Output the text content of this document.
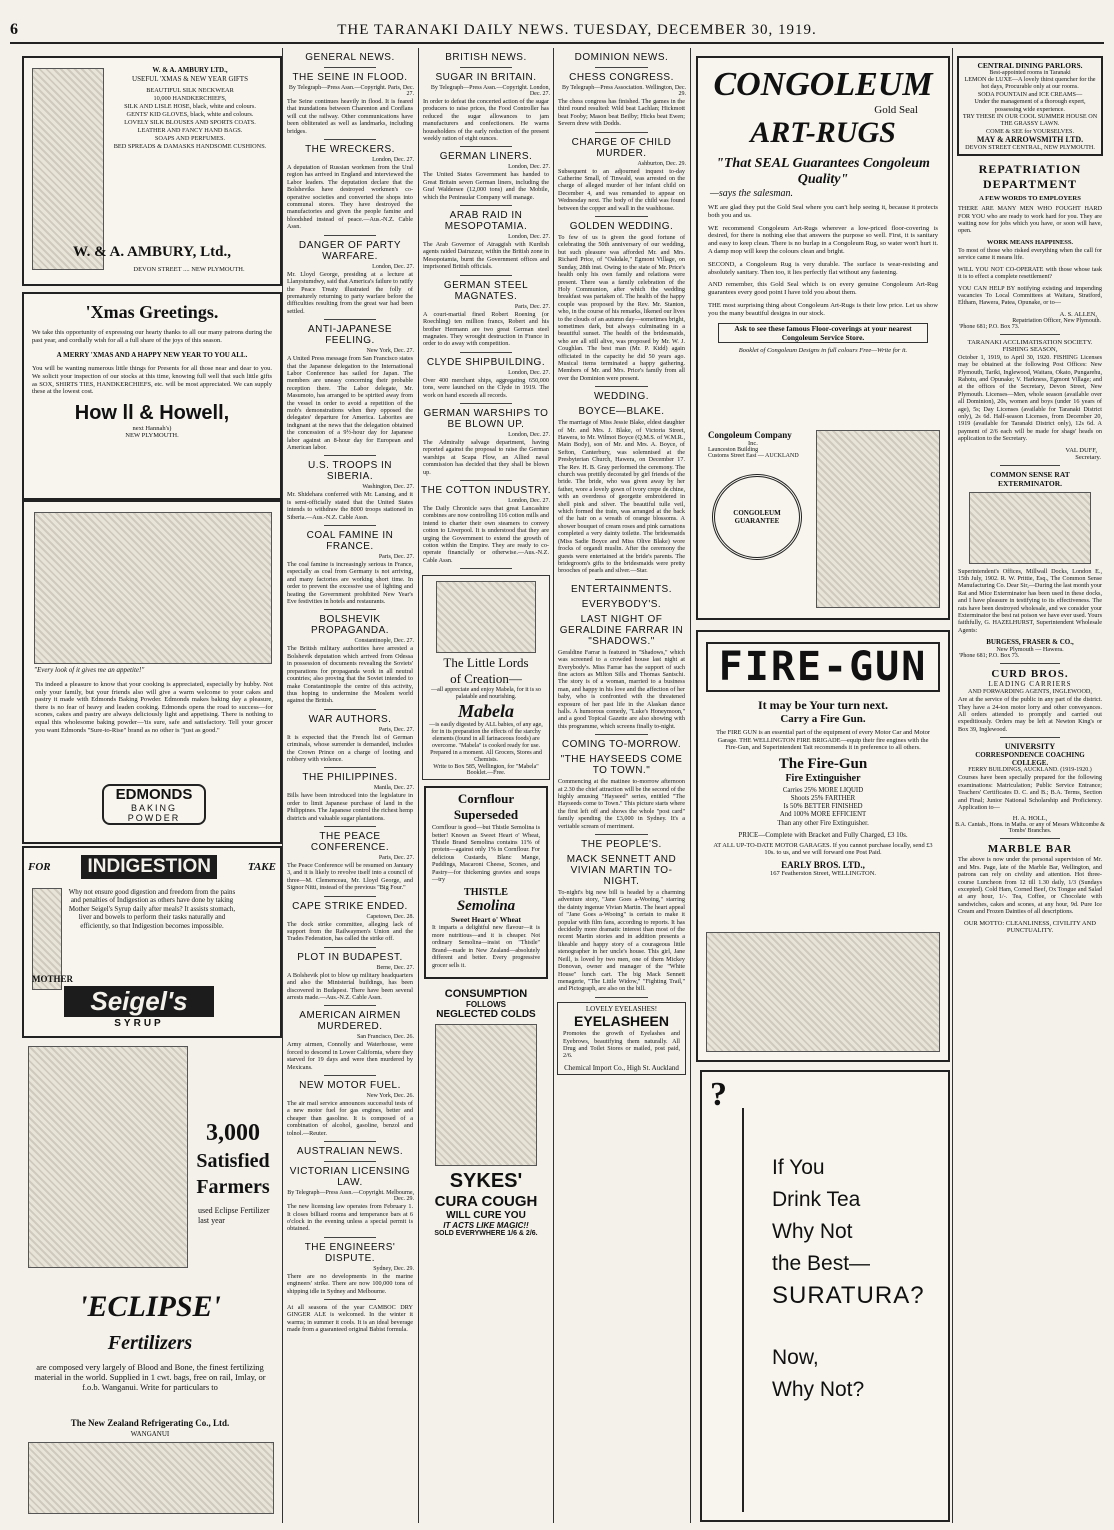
6	THE TARANAKI DAILY NEWS. TUESDAY, DECEMBER 30, 1919.
W. & A. AMBURY LTD.,
USEFUL 'XMAS & NEW YEAR GIFTS
BEAUTIFUL SILK NECKWEAR
10,000 HANDKERCHIEFS,
SILK AND LISLE HOSE, black, white and colours.
GENTS' KID GLOVES, black, white and colours.
LOVELY SILK BLOUSES AND SPORTS COATS.
LEATHER AND FANCY HAND BAGS.
SOAPS AND PERFUMES.
BED SPREADS & DAMASKS HANDSOME CUSHIONS.
W. & A. AMBURY, Ltd.,
DEVON STREET .... NEW PLYMOUTH.
'Xmas Greetings.
We take this opportunity of expressing our hearty thanks to all our many patrons during the past year, and cordially wish for all a full share of the joys of this season.
A MERRY 'XMAS AND A HAPPY NEW YEAR TO YOU ALL.
You will be wanting numerous little things for Presents for all those near and dear to you. We solicit your inspection of our stocks at this time, knowing full well that such little gifts as SOX, SHIRTS TIES, HANDKERCHIEFS, etc. will be most appreciated. We can supply these at the lowest cost.
How ll & Howell,
next Hannah's)
NEW PLYMOUTH.
"Every look of it gives me an appetite!"
Tis indeed a pleasure to know that your cooking is appreciated, especially by hubby. Not only your family, but your friends also will give a warm welcome to your cakes and pastry it made with Edmonds Baking Powder. Edmonds makes baking day a pleasure, there is no fear of heavy and leaden cooking. Edmonds opens the road to success—for scones, cakes and pastry are always deliciously light and appetising. There is nothing to equal this wholesome baking powder—'tis sure, safe and satisfactory. Tell your grocer you want Edmonds "Sure-to-Rise" brand as no other is "just as good."
EDMONDS
BAKING
POWDER
FOR	INDIGESTION	TAKE
Why not ensure good digestion and freedom from the pains and penalties of Indigestion as others have done by taking Mother Seigel's Syrup daily after meals? It assists stomach, liver and bowels to perform their tasks naturally and efficiently, so that Indigestion becomes impossible.
MOTHER
Seigel's
SYRUP
3,000
Satisfied
Farmers
used Eclipse Fertilizer last year
'ECLIPSE'
Fertilizers
are composed very largely of Blood and Bone, the finest fertilizing material in the world. Supplied in 1 cwt. bags, free on rail, Imlay, or f.o.b. Wanganui. Write for particulars to
The New Zealand Refrigerating Co., Ltd.
WANGANUI
GENERAL NEWS.
THE SEINE IN FLOOD.
By Telegraph—Press Assn.—Copyright. Paris, Dec. 27.
The Seine continues heavily in flood. It is feared that inundations between Charenton and Conflans will cut the railway. Other communications have been obliterated as well as landmarks, including bridges.
THE WRECKERS.
London, Dec. 27.
A deputation of Russian workmen from the Ural region has arrived in England and interviewed the Labor leaders. The deputation declare that the Bolsheviks have destroyed workmen's co-operative societies and converted the shops into communal stores. They have destroyed the manufactories and given the people famine and bloodshed instead of peace.—Aus.-N.Z. Cable Assn.
DANGER OF PARTY WARFARE.
London, Dec. 27.
Mr. Lloyd George, presiding at a lecture at Llanystumdwy, said that America's failure to ratify the Peace Treaty illustrated the folly of prematurely returning to party warfare before the difficulties resulting from the great war had been settled.
ANTI-JAPANESE FEELING.
New York, Dec. 27.
A United Press message from San Francisco states that the Japanese delegation to the International Labor Conference has sailed for Japan. The members are uneasy concerning their probable reception there. The Labor delegate, Mr. Masumoto, has arranged to be spirited away from the vessel in order to avoid a repetition of the mob's demonstrations when they opposed the delegates' departure for America. Laborites are indignant at the news that the delegation obtained the concession of a 9½-hour day for Japanese labor against an 8-hour day for European and American labor.
U.S. TROOPS IN SIBERIA.
Washington, Dec. 27.
Mr. Shidehara conferred with Mr. Lansing, and it is semi-officially stated that the United States intends to withdraw the 8000 troops stationed in Siberia.—Aus.-N.Z. Cable Assn.
COAL FAMINE IN FRANCE.
Paris, Dec. 27.
The coal famine is increasingly serious in France, especially as coal from Germany is not arriving, and many factories are working short time. In order to prevent the excessive use of lighting and heating the Government prohibited New Year's Eve festivities in hotels and restaurants.
BOLSHEVIK PROPAGANDA.
Constantinople, Dec. 27.
The British military authorities have arrested a Bolshevik deputation which arrived from Odessa in possession of documents revealing the Soviets' preparations for propaganda work in all neutral countries; also proving that the Soviet intended to make Constantinople the centre of this activity, thus hoping to undermine the Moslem world against the British.
WAR AUTHORS.
Paris, Dec. 27.
It is expected that the French list of German criminals, whose surrender is demanded, includes the Crown Prince on a charge of looting and robbery with violence.
THE PHILIPPINES.
Manila, Dec. 27.
Bills have been introduced into the legislature in order to limit Japanese purchase of land in the Philippines. The Japanese control the richest hemp districts and valuable sugar plantations.
THE PEACE CONFERENCE.
Paris, Dec. 27.
The Peace Conference will be resumed on January 3, and it is likely to revolve itself into a council of three—M. Clemenceau, Mr. Lloyd George, and Signor Nitti, instead of the previous "Big Four."
CAPE STRIKE ENDED.
Capetown, Dec. 28.
The dock strike committee, alleging lack of support from the Railwaymen's Union and the Trades Federation, has called the strike off.
PLOT IN BUDAPEST.
Berne, Dec. 27.
A Bolshevik plot to blow up military headquarters and also the Ministerial buildings, has been discovered in Budapest. There have been several arrests made.—Aus.-N.Z. Cable Assn.
AMERICAN AIRMEN MURDERED.
San Francisco, Dec. 26.
Army airmen, Connolly and Waterhouse, were forced to descend in Lower California, where they starved for 19 days and were then murdered by Mexicans.
NEW MOTOR FUEL.
New York, Dec. 26.
The air mail service announces successful tests of a new motor fuel for gas engines, better and cheaper than gasoline. It is composed of a combination of alcohol, gasoline, benzol and tolnol.—Reuter.
AUSTRALIAN NEWS.
VICTORIAN LICENSING LAW.
By Telegraph—Press Assn.—Copyright. Melbourne, Dec. 29.
The new licensing law operates from February 1. It closes billiard rooms and temperance bars at 6 o'clock in the evening unless a special permit is obtained.
THE ENGINEERS' DISPUTE.
Sydney, Dec. 29.
There are no developments in the marine engineers' strike. There are now 100,000 tons of shipping idle in Sydney and Melbourne.
At all seasons of the year CAMBOC DRY GINGER ALE is welcomed. In the winter it warms; in summer it cools. It is an ideal beverage made from a guaranteed original Babist formula.
BRITISH NEWS.
SUGAR IN BRITAIN.
By Telegraph—Press Assn.—Copyright. London, Dec. 27.
In order to defeat the concerted action of the sugar producers to raise prices, the Food Controller has reduced the sugar allowances to jam manufacturers and confectioners. He warns householders of the early reduction of the present weekly ration of eight ounces.
GERMAN LINERS.
London, Dec. 27.
The United States Government has handed to Great Britain seven German liners, including the Graf Waldersee (12,000 tons) and the Mobile, which the Peninsular Company will manage.
ARAB RAID IN MESOPOTAMIA.
London, Dec. 27.
The Arab Governor of Atraggish with Kurdish agents raided Dairuzzur, within the British zone in Mesopotamia, burnt the Government offices and imprisoned British officials.
GERMAN STEEL MAGNATES.
Paris, Dec. 27.
A court-martial fined Robert Roening (or Roechling) ten million francs, Robert and his brother Hermann are two great German steel magnates. They wrought destruction in France in order to do away with competition.
CLYDE SHIPBUILDING.
London, Dec. 27.
Over 400 merchant ships, aggregating 650,000 tons, were launched on the Clyde in 1919. The work on hand exceeds all records.
GERMAN WARSHIPS TO BE BLOWN UP.
London, Dec. 27.
The Admiralty salvage department, having reported against the proposal to raise the German warships at Scapa Flow, an Allied naval commission has decided that they shall be blown up.
THE COTTON INDUSTRY.
London, Dec. 27.
The Daily Chronicle says that great Lancashire combines are now controlling 116 cotton mills and intend to charter their own steamers to convey cotton to Liverpool. It is understood that they are urging the Government to extend the growth of cotton within the Empire. They are ready to co-operate financially or otherwise.—Aus.-N.Z. Cable Assn.
The Little Lords
of Creation—
—all appreciate and enjoy Mabela, for it is so palatable and nourishing.
Mabela
—is easily digested by ALL babies, of any age, for in its preparation the effects of the starchy elements (found in all farinaceous foods) are overcome. "Mabela" is cooked ready for use. Prepared in a moment. All Grocers, Stores and Chemists.
Write to Box 585, Wellington, for "Mabela" Booklet.—Free.
Cornflour
Superseded
Cornflour is good—but Thistle Semolina is better! Known as Sweet Heart o' Wheat, Thistle Brand Semolina contains 11% of protein—against only 1% in Cornflour. For delicious Custards, Blanc Mange, Puddings, Macaroni Cheese, Scones, and Pastry—for thickening gravies and soups—try
THISTLE
Semolina
Sweet Heart o' Wheat
It imparts a delightful new flavour—it is more nutritious—and it is cheaper. Not ordinary Semolina—insist on "Thistle" Brand—made in New Zealand—absolutely different and better. Every progressive grocer sells it.
CONSUMPTION
FOLLOWS
NEGLECTED COLDS
SYKES'
CURA COUGH
WILL CURE YOU
IT ACTS LIKE MAGIC!!
SOLD EVERYWHERE 1/6 & 2/6.
DOMINION NEWS.
CHESS CONGRESS.
By Telegraph—Press Association. Wellington, Dec. 29.
The chess congress has finished. The games in the third round resulted: Wild beat Lachlan; Hickmott beat Fooby; Mason beat Beilby; Hicks beat Ewen; Severn drew with Dodds.
CHARGE OF CHILD MURDER.
Ashburton, Dec. 29.
Subsequent to an adjourned inquest to-day Catherine Small, of Tinwald, was arrested on the charge of alleged murder of her infant child on December 4, and was remanded to appear on Wednesday next. The body of the child was found between the copper and wall in the washhouse.
GOLDEN WEDDING.
To few of us is given the good fortune of celebrating the 50th anniversary of our wedding, but such pleasure was afforded Mr. and Mrs. Richard Price, of "Oakdale," Egmont Village, on Sunday, 28th inst. Owing to the state of Mr. Price's health only his own family and relations were present. There was a family celebration of the Holy Communion, after which the wedding breakfast was partaken of. The health of the happy couple was proposed by the Rev. Mr. Stanton, who, in the course of his remarks, likened our lives to the clouds of an autumn day—sometimes bright, sometimes dark, but always culminating in a beautiful sunset. The health of the bridesmaids, who are all still alive, was proposed by Mr. W. J. Coughlan. The best man (Mr. P. Kidd) again officiated in the capacity he did 50 years ago. Musical items terminated a happy gathering. Members of Mr. and Mrs. Price's family from all over the Dominion were present.
WEDDING.
BOYCE—BLAKE.
The marriage of Miss Jessie Blake, eldest daughter of Mr. and Mrs. J. Blake, of Victoria Street, Hawera, to Mr. Wilmot Boyce (Q.M.S. of W.M.R., Main Body), son of Mr. and Mrs. A. Boyce, of Sefton, Canterbury, was solemnised at the Presbyterian Church, Hawera, on December 17. The Rev. H. B. Gray performed the ceremony. The church was prettily decorated by girl friends of the bride. The bride, who was given away by her father, wore a lovely gown of ivory crepe de chine, with an overdress of georgette embroidered in shell pink and silver. The beautiful tulle veil, which formed the train, was arranged at the back of the hair on a wreath of orange blossoms. A shower bouquet of cream roses and pink carnations completed a very dainty toilette. The bridesmaids (Miss Sadie Boyce and Miss Olive Blake) wore frocks of organdi muslin. After the ceremony the guests were entertained at the bride's parents. The bridegroom's gifts to the bridesmaids were pretty brooches of pearls and silver.—Star.
ENTERTAINMENTS.
EVERYBODY'S.
LAST NIGHT OF GERALDINE FARRAR IN "SHADOWS."
Geraldine Farrar is featured in "Shadows," which was screened to a crowded house last night at Everybody's. Miss Farrar has the support of such fine actors as Milton Sills and Thomas Santschi. The story is of a woman, married to a business man, and happy in his love and the affection of her baby, who is confronted with the threatened exposure of her past life in the Alaskan dance halls. A humorous comedy, "Luke's Honeymoon," and a good Topical Gazette are also showing with this programme, which screens finally to-night.
COMING TO-MORROW.
"THE HAYSEEDS COME TO TOWN."
Commencing at the matinee to-morrow afternoon at 2.30 the chief attraction will be the second of the highly amusing "Hayseed" series, entitled "The Hayseeds come to Town." This picture starts where the first left off and shows the whole "post card" family spending the £3,000 in Sydney. It's a veritable scream of merriment.
THE PEOPLE'S.
MACK SENNETT AND VIVIAN MARTIN TO-NIGHT.
To-night's big new bill is headed by a charming adventure story, "Jane Goes a-Wooing," starring the dainty ingenue Vivian Martin. The heart appeal of "Jane Goes a-Wooing" is certain to make it popular with film fans, according to reports. It has decidedly more dramatic interest than most of the recent Martin stories and in addition presents a likeable and happy story of a courageous little stenographer in her uncle's house. This girl, Jane Neill, is loved by two men, one of them Mickey Donovan, owner and manager of the "White House" lunch cart. The big Mack Sennett menagerie, "The Little Widow," "Fighting Trail," and Pictograph, are also on the bill.
LOVELY EYELASHES!
EYELASHEEN
Promotes the growth of Eyelashes and Eyebrows, beautifying them naturally. All Drug and Toilet Stores or mailed, post paid, 2/6.
Chemical Import Co., High St. Auckland
CONGOLEUM
Gold Seal
ART-RUGS
"That SEAL Guarantees Congoleum Quality"
—says the salesman.
WE are glad they put the Gold Seal where you can't help seeing it, because it protects both you and us.
WE recommend Congoleum Art-Rugs wherever a low-priced floor-covering is desired, for there is nothing else that answers the purpose so well. First, it is sanitary and easy to keep clean. There is no burlap in a Congoleum Rug, so water won't hurt it. A damp mop will keep the colours clean and bright.
SECOND, a Congoleum Rug is very durable. The surface is wear-resisting and absolutely sanitary. Then too, it lies perfectly flat without any fastening.
AND remember, this Gold Seal which is on every genuine Congoleum Art-Rug guarantees every good point I have told you about them.
THE most surprising thing about Congoleum Art-Rugs is their low price. Let us show you the many beautiful designs in our stock.
Ask to see these famous Floor-coverings at your nearest Congoleum Service Store.
Booklet of Congoleum Designs in full colours Free—Write for it.
Congoleum Company
Inc.
Launceston Building
Customs Street East — AUCKLAND
CONGOLEUM GUARANTEE
FIRE-GUN
It may be Your turn next.
Carry a Fire Gun.
The FIRE GUN is an essential part of the equipment of every Motor Car and Motor Garage. THE WELLINGTON FIRE BRIGADE—equip their fire engines with the Fire-Gun, and Superintendent Tait recommends it in preference to all others.
The Fire-Gun
Fire Extinguisher
Carries 25% MORE LIQUID
Shoots 25% FARTHER
Is 50% BETTER FINISHED
And 100% MORE EFFICIENT
Than any other Fire Extinguisher.
PRICE—Complete with Bracket and Fully Charged, £3 10s.
AT ALL UP-TO-DATE MOTOR GARAGES. If you cannot purchase locally, send £3 10s. to us, and we will forward one Post Paid.
EARLY BROS. LTD.,
167 Featherston Street, WELLINGTON.
?
If You
Drink Tea
Why Not
the Best—
SURATURA?
Now,
Why Not?
CENTRAL DINING PARLORS.
Best-appointed rooms in Taranaki
LEMON de LUXE—A lovely thirst quencher for the hot days, Procurable only at our rooms.
SODA FOUNTAIN and ICE CREAMS—
Under the management of a thorough expert, possessing wide experience.
TRY THESE IN OUR COOL SUMMER HOUSE ON THE GRASSY LAWN.
COME & SEE for YOURSELVES.
MAY & ARROWSMITH LTD.
DEVON STREET CENTRAL, NEW PLYMOUTH.
REPATRIATION
DEPARTMENT
A FEW WORDS TO EMPLOYERS
THERE ARE MANY MEN WHO FOUGHT HARD FOR YOU who are ready to work hard for you. They are waiting now for jobs which you have, or soon will have, open.
WORK MEANS HAPPINESS.
To most of those who risked everything when the call for service came it means life.
WILL YOU NOT CO-OPERATE with those whose task it is to effect a complete resettlement?
YOU CAN HELP BY notifying existing and impending vacancies To Local Committees at Waitara, Stratford, Eltham, Hawera, Patea, Opunake, or to—
A. S. ALLEN,
Repatriation Officer, New Plymouth.
'Phone 681; P.O. Box 73.
TARANAKI ACCLIMATISATION SOCIETY.
FISHING SEASON,
October 1, 1919, to April 30, 1920. FISHING Licenses may be obtained at the following Post Offices: New Plymouth, Tariki, Inglewood, Waitara, Okato, Pungarehu, Rahotu, and Opunake; V. Harkness, Egmont Village; and at the offices of the Secretary, Devon Street, New Plymouth. Licenses—Men, whole season (available over all Dominion), 20s, women and boys (under 16 years of age), 5s; Day Licenses (available for Taranaki District only), 2s 6d. Half-season Licenses, from December 20, 1919 (available for Taranaki District only), 12s 6d. A payment of 2/6 each will be made for shags' heads on application to the Secretary.
VAL DUFF,
Secretary.
COMMON SENSE RAT
EXTERMINATOR.
Superintendent's Offices, Millwall Docks, London E., 15th July, 1902. R. W. Prittie, Esq., The Common Sense Manufacturing Co. Dear Sir,—During the last month your Rat and Mice Exterminator has been used in these docks, and I have pleasure in testifying to its effectiveness. The rats have been destroyed wholesale, and we consider your Exterminator the best rat poison we have ever used. Yours faithfully, G. HAZELHURST, Superintendent Wholesale Agents:
BURGESS, FRASER & CO.,
New Plymouth — Hawera.
'Phone 681; P.O. Box 73.
CURD BROS.
LEADING CARRIERS
AND FORWARDING AGENTS, INGLEWOOD,
Are at the service of the public in any part of the district. They have a 24-ton motor lorry and other conveyances. All orders attended to promptly and carried out expeditiously. Orders may be left at Newton King's or Box 39, Inglewood.
UNIVERSITY
CORRESPONDENCE COACHING
COLLEGE.
FERRY BUILDINGS, AUCKLAND. (1919-1920.)
Courses have been specially prepared for the following examinations: Matriculation; Public Service Entrance; Teachers' Certificates D. C. and B.; B.A. Terms, Section and Final; Junior National Scholarship and Proficiency. Application to—
H. A. HOLL,
B.A. Cantab., Hons. in Maths. or any of Messrs Whitcombe & Tombs' Branches.
MARBLE BAR
The above is now under the personal supervision of Mr. and Mrs. Page, late of the Marble Bar, Wellington, and patrons can rely on civility and attention. Hot three-course Luncheon from 12 till 1.30 daily, 1/3 (Sundays excepted). Cold Ham, Corned Beef, Ox Tongue and Salad at any hour, 1/-. Tea, Coffee, or Chocolate with sandwiches, cakes and scones, at any hour, 9d. Pure Ice Cream and Frozen Dainties of all descriptions.
OUR MOTTO: CLEANLINESS, CIVILITY AND PUNCTUALITY.
